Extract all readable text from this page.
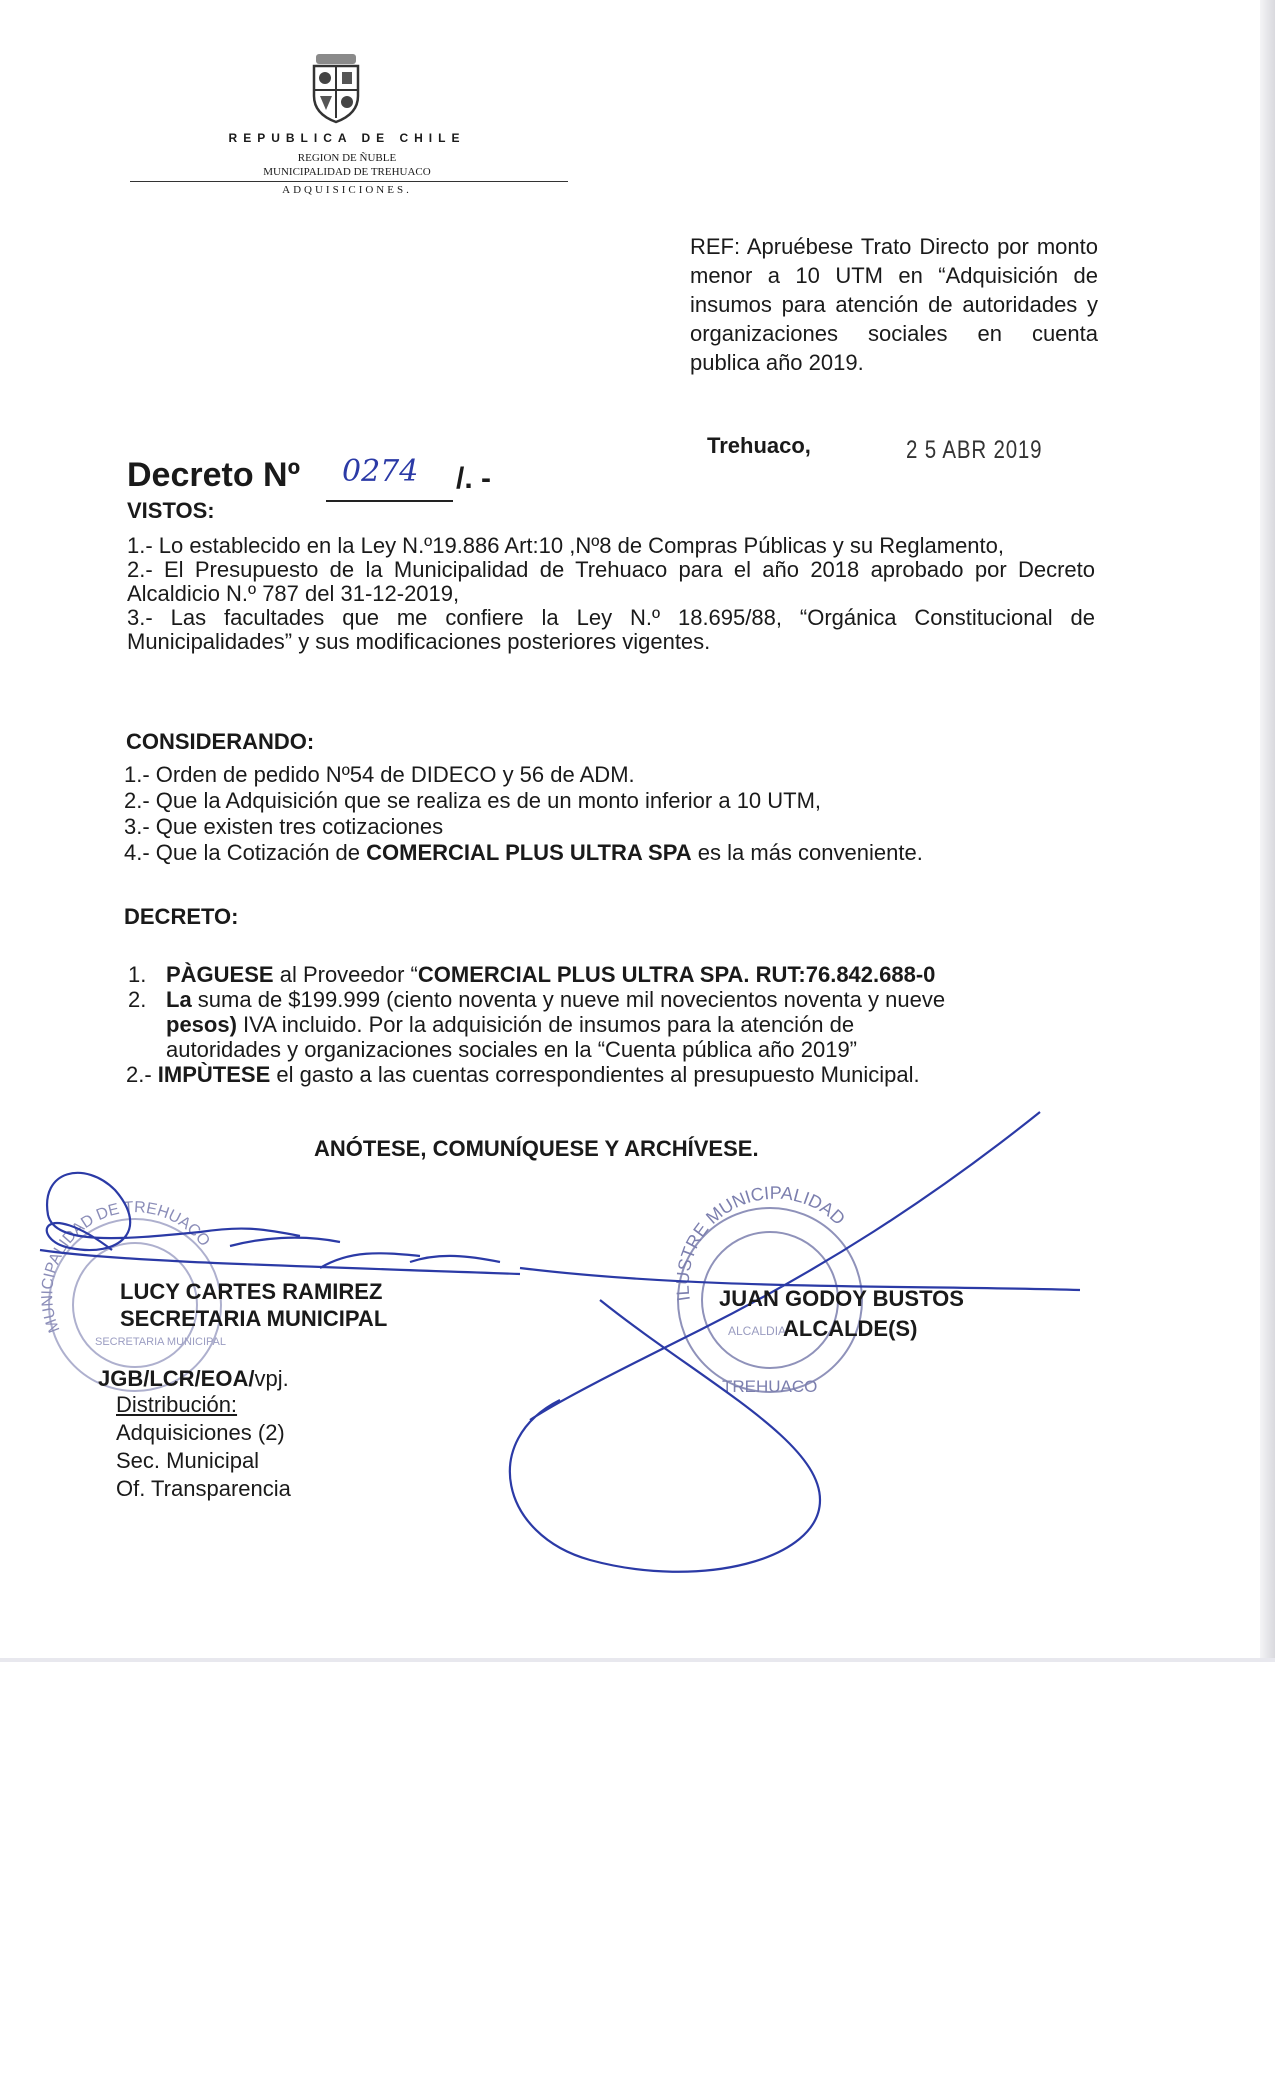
REPUBLICA DE CHILE
REGION DE ÑUBLE
MUNICIPALIDAD DE TREHUACO
ADQUISICIONES.
REF: Apruébese Trato Directo por monto menor a 10 UTM en “Adquisición de insumos para atención de autoridades y organizaciones sociales en cuenta publica año 2019.
Trehuaco,	2 5 ABR 2019
Decreto Nº 0274 /. -
VISTOS:

1.- Lo establecido en la Ley N.º19.886 Art:10 ,Nº8 de Compras Públicas y su Reglamento,

2.- El Presupuesto de la Municipalidad de Trehuaco para el año 2018 aprobado por Decreto Alcaldicio N.º 787 del 31-12-2019,

3.- Las facultades que me confiere la Ley N.º 18.695/88, “Orgánica Constitucional de Municipalidades” y sus modificaciones posteriores vigentes.

CONSIDERANDO:

1.- Orden de pedido Nº54 de DIDECO y 56 de ADM.

2.- Que la Adquisición que se realiza es de un monto inferior a 10 UTM,

3.- Que existen tres cotizaciones

4.- Que la Cotización de COMERCIAL PLUS ULTRA SPA es la más conveniente.

DECRETO:

1. PÀGUESE al Proveedor “COMERCIAL PLUS ULTRA SPA. RUT:76.842.688-0

2. La suma de $199.999 (ciento noventa y nueve mil novecientos noventa y nueve

pesos) IVA incluido. Por la adquisición de insumos para la atención de

autoridades y organizaciones sociales en la “Cuenta pública año 2019”

2.- IMPÙTESE el gasto a las cuentas correspondientes al presupuesto Municipal.

ANÓTESE, COMUNÍQUESE Y ARCHÍVESE.
MUNICIPALIDAD DE TREHUACO
SECRETARIA MUNICIPAL
ILUSTRE MUNICIPALIDAD
ALCALDIA
TREHUACO
LUCY CARTES RAMIREZ
SECRETARIA MUNICIPAL
JUAN GODOY BUSTOS
ALCALDE(S)
JGB/LCR/EOA/vpj.
Distribución:
Adquisiciones (2)
Sec. Municipal
Of. Transparencia
